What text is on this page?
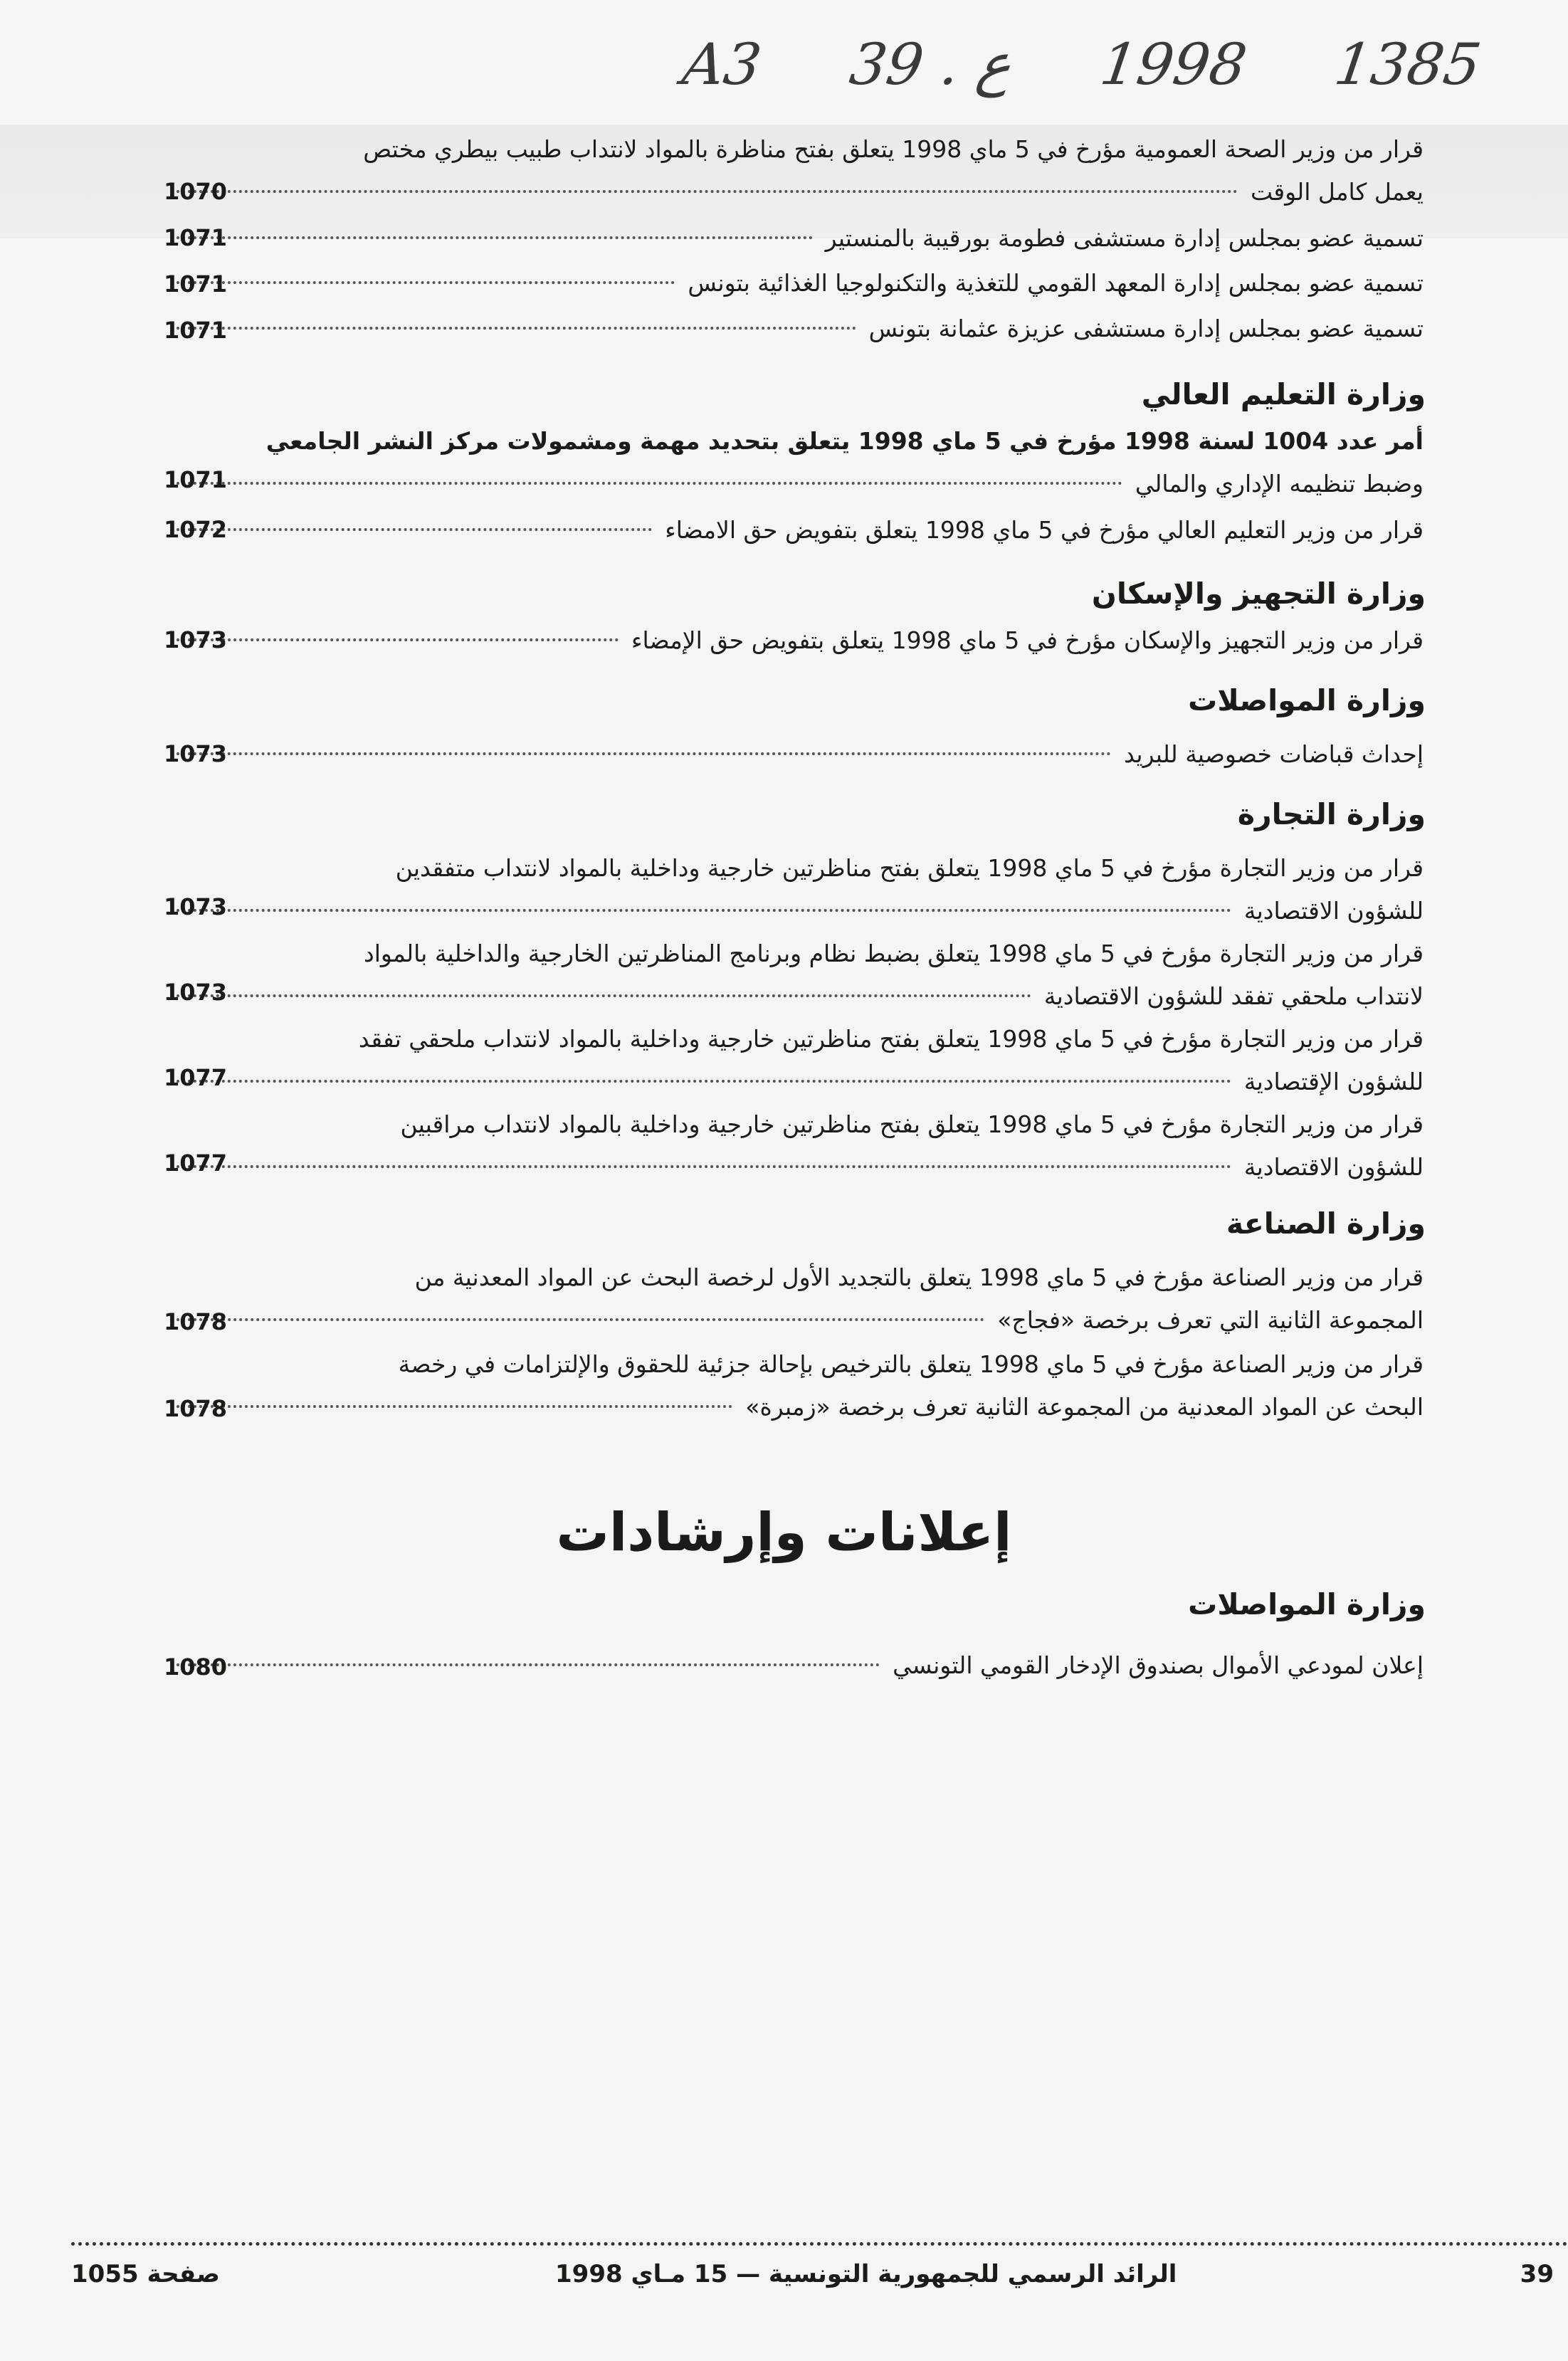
A3 39 . ع 1998 1385
قرار من وزير الصحة العمومية مؤرخ في 5 ماي 1998 يتعلق بفتح مناظرة بالمواد لانتداب طبيب بيطري مختص
يعمل كامل الوقت
1070
تسمية عضو بمجلس إدارة مستشفى فطومة بورقيبة بالمنستير
1071
تسمية عضو بمجلس إدارة المعهد القومي للتغذية والتكنولوجيا الغذائية بتونس
1071
تسمية عضو بمجلس إدارة مستشفى عزيزة عثمانة بتونس
1071
وزارة التعليم العالي
أمر عدد 1004 لسنة 1998 مؤرخ في 5 ماي 1998 يتعلق بتحديد مهمة ومشمولات مركز النشر الجامعي
وضبط تنظيمه الإداري والمالي
1071
قرار من وزير التعليم العالي مؤرخ في 5 ماي 1998 يتعلق بتفويض حق الامضاء
1072
وزارة التجهيز والإسكان
قرار من وزير التجهيز والإسكان مؤرخ في 5 ماي 1998 يتعلق بتفويض حق الإمضاء
1073
وزارة المواصلات
إحداث قباضات خصوصية للبريد
1073
وزارة التجارة
قرار من وزير التجارة مؤرخ في 5 ماي 1998 يتعلق بفتح مناظرتين خارجية وداخلية بالمواد لانتداب متفقدين
للشؤون الاقتصادية
1073
قرار من وزير التجارة مؤرخ في 5 ماي 1998 يتعلق بضبط نظام وبرنامج المناظرتين الخارجية والداخلية بالمواد
لانتداب ملحقي تفقد للشؤون الاقتصادية
1073
قرار من وزير التجارة مؤرخ في 5 ماي 1998 يتعلق بفتح مناظرتين خارجية وداخلية بالمواد لانتداب ملحقي تفقد
للشؤون الإقتصادية
1077
قرار من وزير التجارة مؤرخ في 5 ماي 1998 يتعلق بفتح مناظرتين خارجية وداخلية بالمواد لانتداب مراقبين
للشؤون الاقتصادية
1077
وزارة الصناعة
قرار من وزير الصناعة مؤرخ في 5 ماي 1998 يتعلق بالتجديد الأول لرخصة البحث عن المواد المعدنية من
المجموعة الثانية التي تعرف برخصة «فجاج»
1078
قرار من وزير الصناعة مؤرخ في 5 ماي 1998 يتعلق بالترخيص بإحالة جزئية للحقوق والإلتزامات في رخصة
البحث عن المواد المعدنية من المجموعة الثانية تعرف برخصة «زمبرة»
1078
إعلانات وإرشادات
وزارة المواصلات
إعلان لمودعي الأموال بصندوق الإدخار القومي التونسي
1080
صفحة 1055	الرائد الرسمي للجمهورية التونسية — 15 مـاي 1998	39
